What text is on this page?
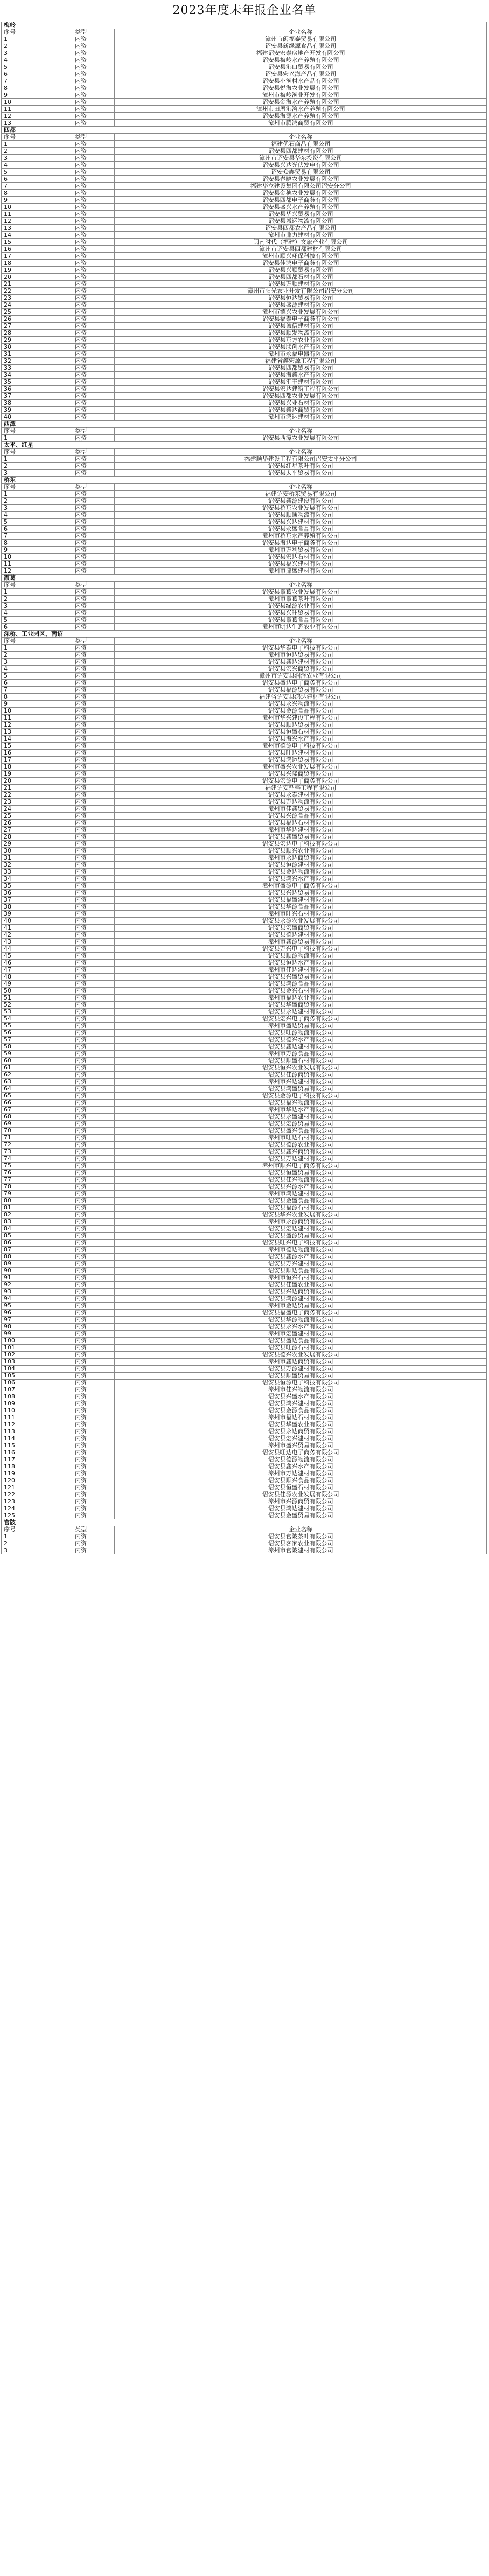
2023年度未年报企业名单
梅岭		
序号	类型	企业名称
1	内资	漳州市闽福泰贸易有限公司
2	内资	诏安县新绿源食品有限公司
3	内资	福建诏安宏泰房地产开发有限公司
4	内资	诏安县梅岭水产养殖有限公司
5	内资	诏安县港口贸易有限公司
6	内资	诏安县宏兴海产品有限公司
7	内资	诏安县小渔村水产品有限公司
8	内资	诏安县悦海农业发展有限公司
9	内资	漳州市梅岭渔业开发有限公司
10	内资	诏安县金海水产养殖有限公司
11	内资	漳州市田厝港湾水产养殖有限公司
12	内资	诏安县海源水产养殖有限公司
13	内资	漳州市腾鸿商贸有限公司
四都		
序号	类型	企业名称
1	内资	福建优石商品有限公司
2	内资	诏安县四都建材有限公司
3	内资	漳州市诏安县华东投资有限公司
4	内资	诏安县兴达光伏发电有限公司
5	内资	诏安众鑫贸易有限公司
6	内资	诏安县春晓农业发展有限公司
7	内资	福建华立建设集团有限公司诏安分公司
8	内资	诏安县金穗农业发展有限公司
9	内资	诏安县四都电子商务有限公司
10	内资	诏安县盛兴水产养殖有限公司
11	内资	诏安县华兴贸易有限公司
12	内资	诏安县城运物流有限公司
13	内资	诏安县四都农产品有限公司
14	内资	漳州市鼎力建材有限公司
15	内资	闽南时代（福建）文旅产业有限公司
16	内资	漳州市诏安县四都建材有限公司
17	内资	漳州市顺兴环保科技有限公司
18	内资	诏安县佳鸿电子商务有限公司
19	内资	诏安县兴顺贸易有限公司
20	内资	诏安县四都石材有限公司
21	内资	诏安县万顺建材有限公司
22	内资	漳州市阳光农业开发有限公司诏安分公司
23	内资	诏安县恒达贸易有限公司
24	内资	诏安县盛源建材有限公司
25	内资	漳州市德兴农业发展有限公司
26	内资	诏安县福泰电子商务有限公司
27	内资	诏安县诚信建材有限公司
28	内资	诏安县顺发物流有限公司
29	内资	诏安县东方农业有限公司
30	内资	诏安县联创水产有限公司
31	内资	漳州市永福电器有限公司
32	内资	福建省鑫宏源工程有限公司
33	内资	诏安县四都贸易有限公司
34	内资	诏安县海鑫水产有限公司
35	内资	诏安县汇丰建材有限公司
36	内资	诏安县宏达建筑工程有限公司
37	内资	诏安县四都农业发展有限公司
38	内资	诏安县兴业石材有限公司
39	内资	诏安县鑫达商贸有限公司
40	内资	漳州市鸿运建材有限公司
西潭		
序号	类型	企业名称
1	内资	诏安县西潭农业发展有限公司
太平、红星		
序号	类型	企业名称
1	内资	福建顺华建设工程有限公司诏安太平分公司
2	内资	诏安县红星茶叶有限公司
3	内资	诏安县太平贸易有限公司
桥东		
序号	类型	企业名称
1	内资	福建诏安桥东贸易有限公司
2	内资	诏安县鑫源建设有限公司
3	内资	诏安县桥东农业发展有限公司
4	内资	诏安县顺通物流有限公司
5	内资	诏安县兴达建材有限公司
6	内资	诏安县永盛食品有限公司
7	内资	漳州市桥东水产养殖有限公司
8	内资	诏安县海达电子商务有限公司
9	内资	漳州市万利贸易有限公司
10	内资	诏安县宏达石材有限公司
11	内资	诏安县福兴建材有限公司
12	内资	漳州市鼎盛建材有限公司
霞葛		
序号	类型	企业名称
1	内资	诏安县霞葛农业发展有限公司
2	内资	漳州市霞葛茶叶有限公司
3	内资	诏安县绿源农业有限公司
4	内资	诏安县兴旺贸易有限公司
5	内资	诏安县霞葛食品有限公司
6	内资	漳州市明达生态农业有限公司
深桥、工业园区、南诏		
序号	类型	企业名称
1	内资	诏安县华泰电子科技有限公司
2	内资	漳州市恒达贸易有限公司
3	内资	诏安县鑫达建材有限公司
4	内资	诏安县宏兴商贸有限公司
5	内资	漳州市诏安县润泽农业有限公司
6	内资	诏安县盛达电子商务有限公司
7	内资	诏安县福源贸易有限公司
8	内资	福建省诏安县鸿达建材有限公司
9	内资	诏安县永兴物流有限公司
10	内资	诏安县金源食品有限公司
11	内资	漳州市华兴建设工程有限公司
12	内资	诏安县顺达贸易有限公司
13	内资	诏安县恒盛石材有限公司
14	内资	诏安县海兴水产有限公司
15	内资	漳州市德源电子科技有限公司
16	内资	诏安县旺达建材有限公司
17	内资	诏安县鸿运贸易有限公司
18	内资	漳州市盛兴农业发展有限公司
19	内资	诏安县兴隆商贸有限公司
20	内资	诏安县宏源电子商务有限公司
21	内资	福建诏安鼎盛工程有限公司
22	内资	诏安县永泰建材有限公司
23	内资	诏安县万达物流有限公司
24	内资	漳州市佳鑫贸易有限公司
25	内资	诏安县兴源食品有限公司
26	内资	诏安县福达石材有限公司
27	内资	漳州市华达建材有限公司
28	内资	诏安县鑫盛贸易有限公司
29	内资	诏安县宏达电子科技有限公司
30	内资	诏安县顺兴农业有限公司
31	内资	漳州市永达商贸有限公司
32	内资	诏安县恒源建材有限公司
33	内资	诏安县金达物流有限公司
34	内资	诏安县鸿兴水产有限公司
35	内资	漳州市盛源电子商务有限公司
36	内资	诏安县兴达贸易有限公司
37	内资	诏安县福盛建材有限公司
38	内资	诏安县华源食品有限公司
39	内资	漳州市旺兴石材有限公司
40	内资	诏安县永源农业发展有限公司
41	内资	诏安县宏盛商贸有限公司
42	内资	诏安县德达建材有限公司
43	内资	漳州市鑫源贸易有限公司
44	内资	诏安县万兴电子科技有限公司
45	内资	诏安县顺源物流有限公司
46	内资	诏安县恒达水产有限公司
47	内资	漳州市佳达建材有限公司
48	内资	诏安县兴盛贸易有限公司
49	内资	诏安县鸿源食品有限公司
50	内资	诏安县金兴石材有限公司
51	内资	漳州市福达农业有限公司
52	内资	诏安县华盛商贸有限公司
53	内资	诏安县永达建材有限公司
54	内资	诏安县宏兴电子商务有限公司
55	内资	漳州市盛达贸易有限公司
56	内资	诏安县旺源物流有限公司
57	内资	诏安县德兴水产有限公司
58	内资	诏安县鑫达建材有限公司
59	内资	漳州市万源食品有限公司
60	内资	诏安县顺盛石材有限公司
61	内资	诏安县恒兴农业发展有限公司
62	内资	诏安县佳源商贸有限公司
63	内资	漳州市兴达建材有限公司
64	内资	诏安县鸿盛贸易有限公司
65	内资	诏安县金源电子科技有限公司
66	内资	诏安县福兴物流有限公司
67	内资	漳州市华达水产有限公司
68	内资	诏安县永盛建材有限公司
69	内资	诏安县宏源贸易有限公司
70	内资	诏安县盛兴食品有限公司
71	内资	漳州市旺达石材有限公司
72	内资	诏安县德源农业有限公司
73	内资	诏安县鑫兴商贸有限公司
74	内资	诏安县万达建材有限公司
75	内资	漳州市顺兴电子商务有限公司
76	内资	诏安县恒盛贸易有限公司
77	内资	诏安县佳兴物流有限公司
78	内资	诏安县兴源水产有限公司
79	内资	漳州市鸿达建材有限公司
80	内资	诏安县金盛食品有限公司
81	内资	诏安县福源石材有限公司
82	内资	诏安县华兴农业发展有限公司
83	内资	漳州市永源商贸有限公司
84	内资	诏安县宏达建材有限公司
85	内资	诏安县盛源贸易有限公司
86	内资	诏安县旺兴电子科技有限公司
87	内资	漳州市德达物流有限公司
88	内资	诏安县鑫源水产有限公司
89	内资	诏安县万兴建材有限公司
90	内资	诏安县顺达食品有限公司
91	内资	漳州市恒兴石材有限公司
92	内资	诏安县佳盛农业有限公司
93	内资	诏安县兴达商贸有限公司
94	内资	诏安县鸿源建材有限公司
95	内资	漳州市金达贸易有限公司
96	内资	诏安县福盛电子商务有限公司
97	内资	诏安县华源物流有限公司
98	内资	诏安县永兴水产有限公司
99	内资	漳州市宏盛建材有限公司
100	内资	诏安县盛达食品有限公司
101	内资	诏安县旺源石材有限公司
102	内资	诏安县德兴农业发展有限公司
103	内资	漳州市鑫达商贸有限公司
104	内资	诏安县万源建材有限公司
105	内资	诏安县顺盛贸易有限公司
106	内资	诏安县恒源电子科技有限公司
107	内资	漳州市佳兴物流有限公司
108	内资	诏安县兴盛水产有限公司
109	内资	诏安县鸿兴建材有限公司
110	内资	诏安县金源食品有限公司
111	内资	漳州市福达石材有限公司
112	内资	诏安县华盛农业有限公司
113	内资	诏安县永达商贸有限公司
114	内资	诏安县宏兴建材有限公司
115	内资	漳州市盛兴贸易有限公司
116	内资	诏安县旺达电子商务有限公司
117	内资	诏安县德源物流有限公司
118	内资	诏安县鑫兴水产有限公司
119	内资	漳州市万达建材有限公司
120	内资	诏安县顺兴食品有限公司
121	内资	诏安县恒盛石材有限公司
122	内资	诏安县佳源农业发展有限公司
123	内资	漳州市兴源商贸有限公司
124	内资	诏安县鸿达建材有限公司
125	内资	诏安县金盛贸易有限公司
官陂		
序号	类型	企业名称
1	内资	诏安县官陂茶叶有限公司
2	内资	诏安县客家农业有限公司
3	内资	漳州市官陂建材有限公司
